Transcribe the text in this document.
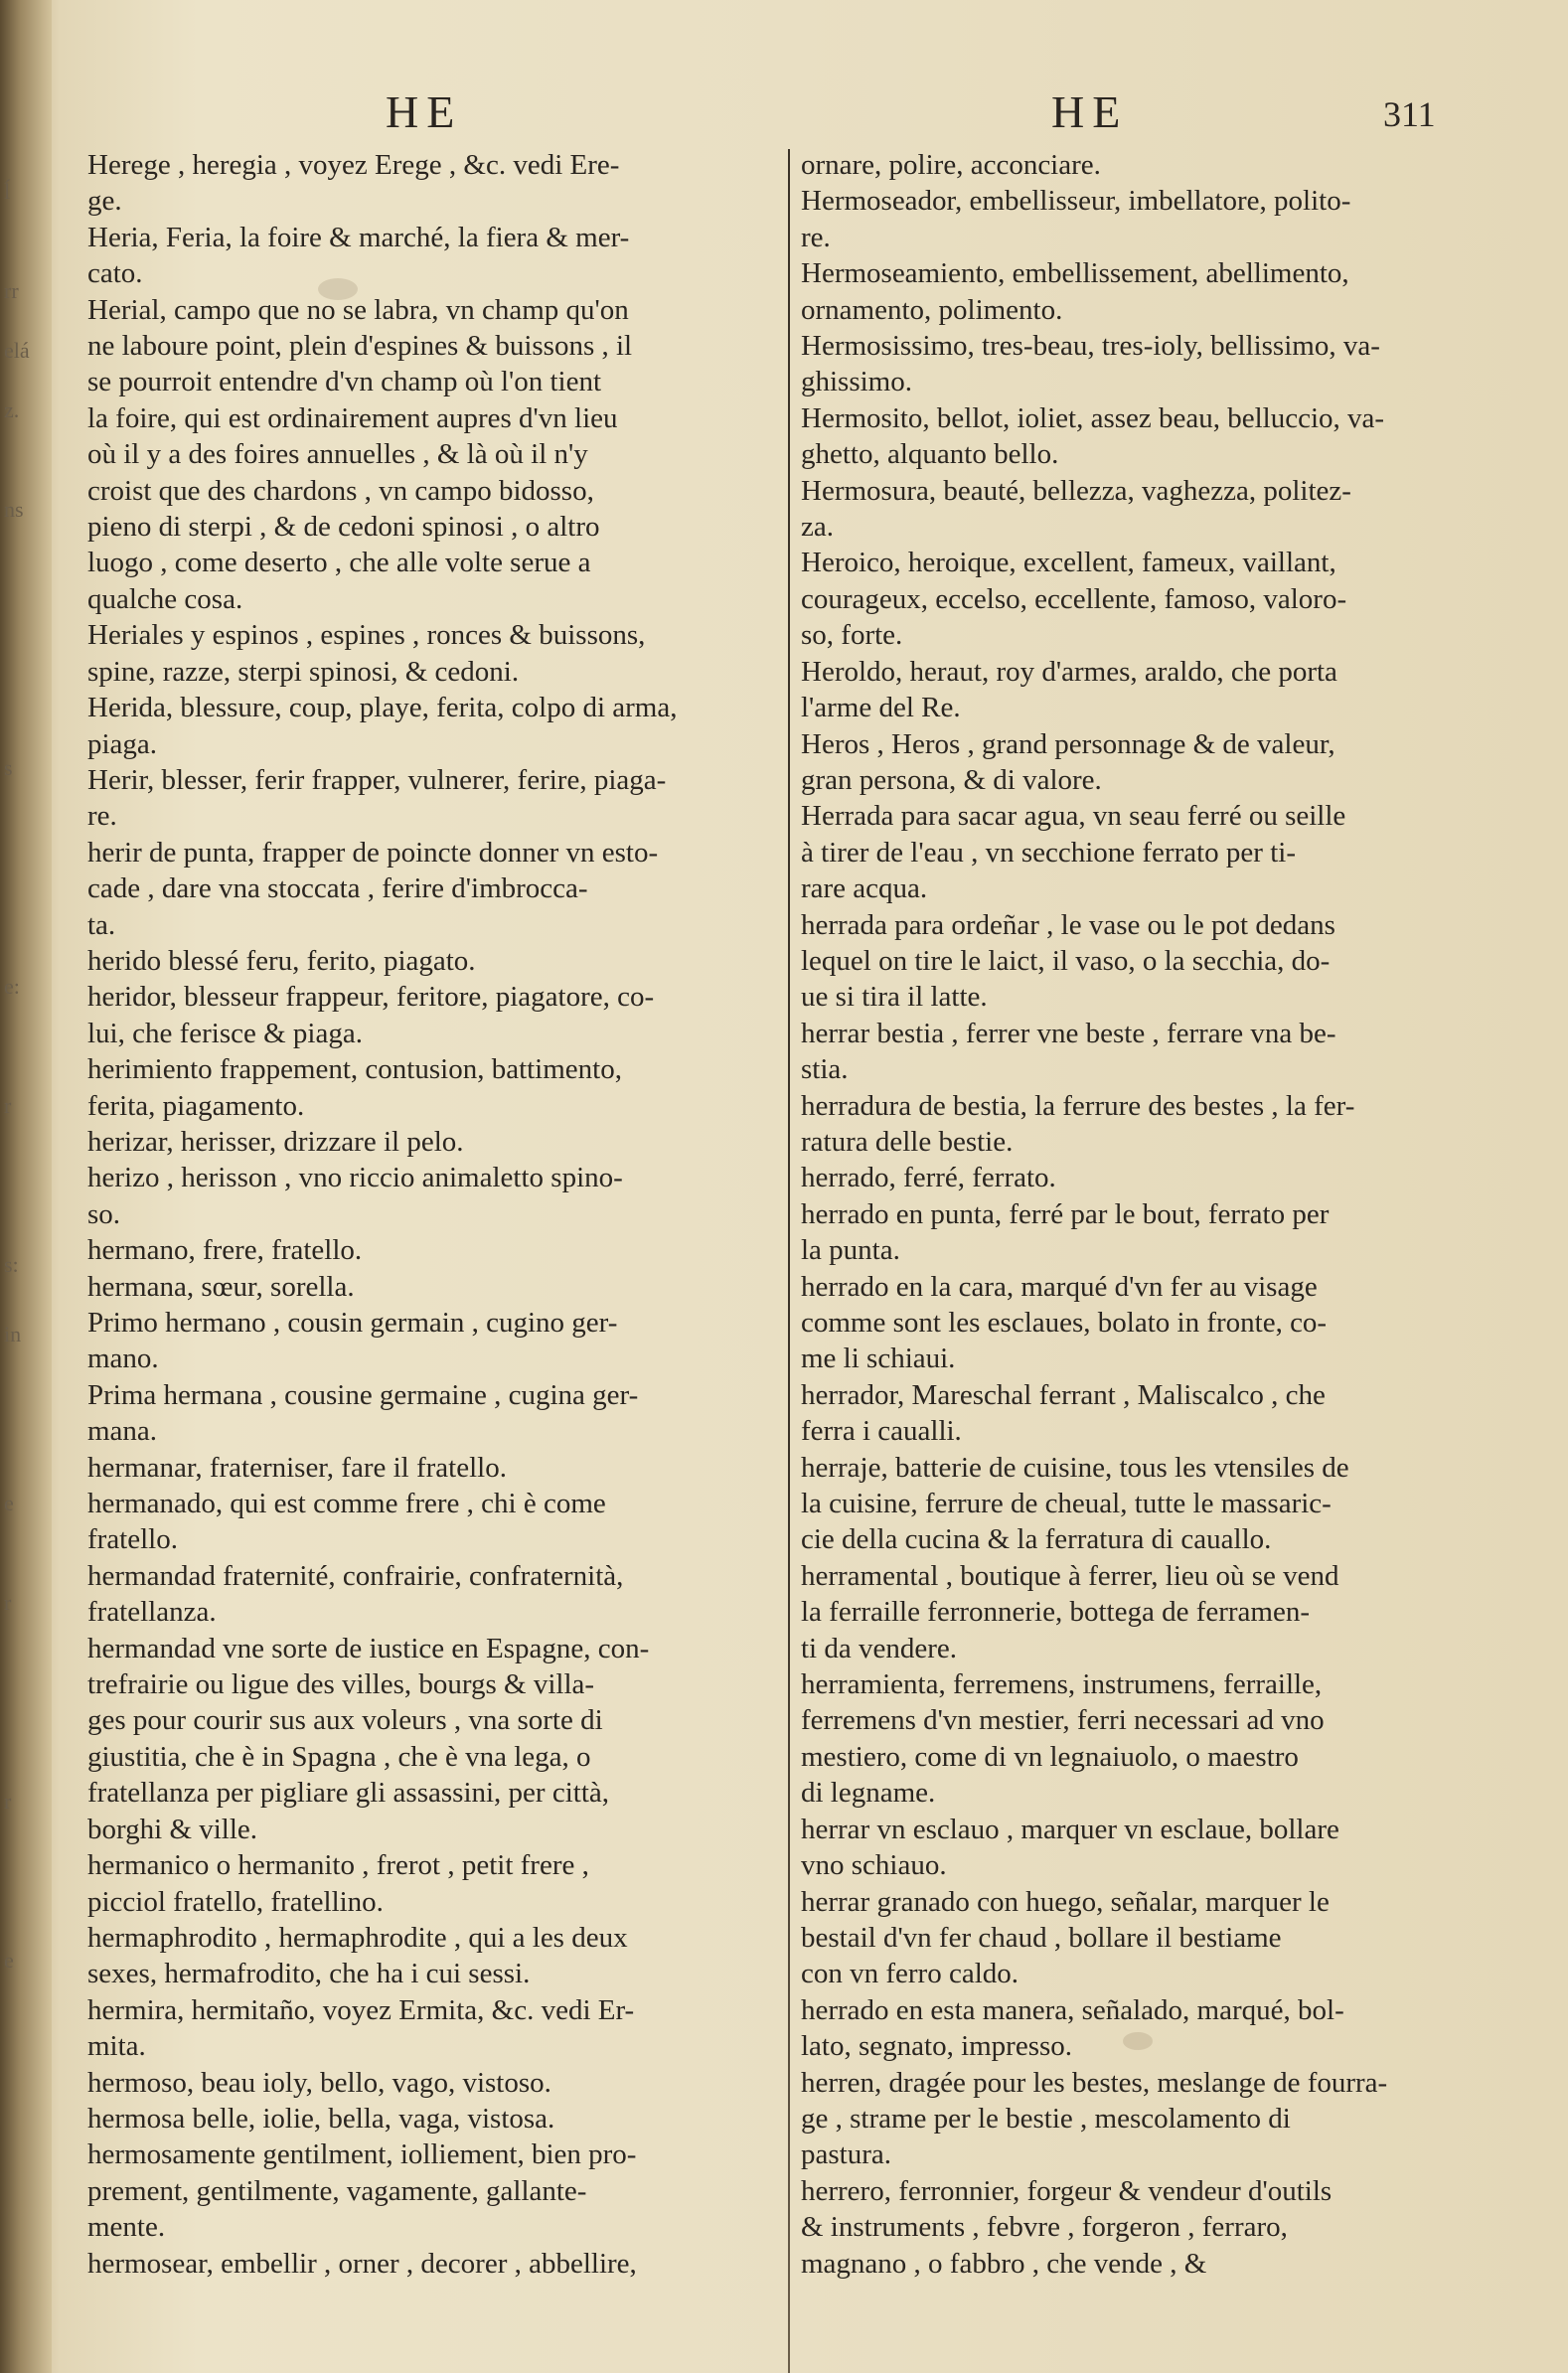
ĺ
rr
elá
z.
ns
s
e:
r
s:
in
e
r
r
e
HE	HE	311
Herege , heregia , voyez Erege , &c. vedi Ere-
ge.
Heria, Feria, la foire & marché, la fiera & mer-
cato.
Herial, campo que no se labra, vn champ qu'on
ne laboure point, plein d'espines & buissons , il
se pourroit entendre d'vn champ où l'on tient
la foire, qui est ordinairement aupres d'vn lieu
où il y a des foires annuelles , & là où il n'y
croist que des chardons , vn campo bidosso,
pieno di sterpi , & de cedoni spinosi , o altro
luogo , come deserto , che alle volte serue a
qualche cosa.
Heriales y espinos , espines , ronces & buissons,
spine, razze, sterpi spinosi, & cedoni.
Herida, blessure, coup, playe, ferita, colpo di arma,
piaga.
Herir, blesser, ferir frapper, vulnerer, ferire, piaga-
re.
herir de punta, frapper de poincte donner vn esto-
cade , dare vna stoccata , ferire d'imbrocca-
ta.
herido blessé feru, ferito, piagato.
heridor, blesseur frappeur, feritore, piagatore, co-
lui, che ferisce & piaga.
herimiento frappement, contusion, battimento,
ferita, piagamento.
herizar, herisser, drizzare il pelo.
herizo , herisson , vno riccio animaletto spino-
so.
hermano, frere, fratello.
hermana, sœur, sorella.
Primo hermano , cousin germain , cugino ger-
mano.
Prima hermana , cousine germaine , cugina ger-
mana.
hermanar, fraterniser, fare il fratello.
hermanado, qui est comme frere , chi è come
fratello.
hermandad fraternité, confrairie, confraternità,
fratellanza.
hermandad vne sorte de iustice en Espagne, con-
trefrairie ou ligue des villes, bourgs & villa-
ges pour courir sus aux voleurs , vna sorte di
giustitia, che è in Spagna , che è vna lega, o
fratellanza per pigliare gli assassini, per città,
borghi & ville.
hermanico o hermanito , frerot , petit frere ,
picciol fratello, fratellino.
hermaphrodito , hermaphrodite , qui a les deux
sexes, hermafrodito, che ha i cui sessi.
hermira, hermitaño, voyez Ermita, &c. vedi Er-
mita.
hermoso, beau ioly, bello, vago, vistoso.
hermosa belle, iolie, bella, vaga, vistosa.
hermosamente gentilment, iolliement, bien pro-
prement, gentilmente, vagamente, gallante-
mente.
hermosear, embellir , orner , decorer , abbellire,
ornare, polire, acconciare.
Hermoseador, embellisseur, imbellatore, polito-
re.
Hermoseamiento, embellissement, abellimento,
ornamento, polimento.
Hermosissimo, tres-beau, tres-ioly, bellissimo, va-
ghissimo.
Hermosito, bellot, ioliet, assez beau, belluccio, va-
ghetto, alquanto bello.
Hermosura, beauté, bellezza, vaghezza, politez-
za.
Heroico, heroique, excellent, fameux, vaillant,
courageux, eccelso, eccellente, famoso, valoro-
so, forte.
Heroldo, heraut, roy d'armes, araldo, che porta
l'arme del Re.
Heros , Heros , grand personnage & de valeur,
gran persona, & di valore.
Herrada para sacar agua, vn seau ferré ou seille
à tirer de l'eau , vn secchione ferrato per ti-
rare acqua.
herrada para ordeñar , le vase ou le pot dedans
lequel on tire le laict, il vaso, o la secchia, do-
ue si tira il latte.
herrar bestia , ferrer vne beste , ferrare vna be-
stia.
herradura de bestia, la ferrure des bestes , la fer-
ratura delle bestie.
herrado, ferré, ferrato.
herrado en punta, ferré par le bout, ferrato per
la punta.
herrado en la cara, marqué d'vn fer au visage
comme sont les esclaues, bolato in fronte, co-
me li schiaui.
herrador, Mareschal ferrant , Maliscalco , che
ferra i caualli.
herraje, batterie de cuisine, tous les vtensiles de
la cuisine, ferrure de cheual, tutte le massaric-
cie della cucina & la ferratura di cauallo.
herramental , boutique à ferrer, lieu où se vend
la ferraille ferronnerie, bottega de ferramen-
ti da vendere.
herramienta, ferremens, instrumens, ferraille,
ferremens d'vn mestier, ferri necessari ad vno
mestiero, come di vn legnaiuolo, o maestro
di legname.
herrar vn esclauo , marquer vn esclaue, bollare
vno schiauo.
herrar granado con huego, señalar, marquer le
bestail d'vn fer chaud , bollare il bestiame
con vn ferro caldo.
herrado en esta manera, señalado, marqué, bol-
lato, segnato, impresso.
herren, dragée pour les bestes, meslange de fourra-
ge , strame per le bestie , mescolamento di
pastura.
herrero, ferronnier, forgeur & vendeur d'outils
& instruments , febvre , forgeron , ferraro,
magnano , o fabbro , che vende , &
